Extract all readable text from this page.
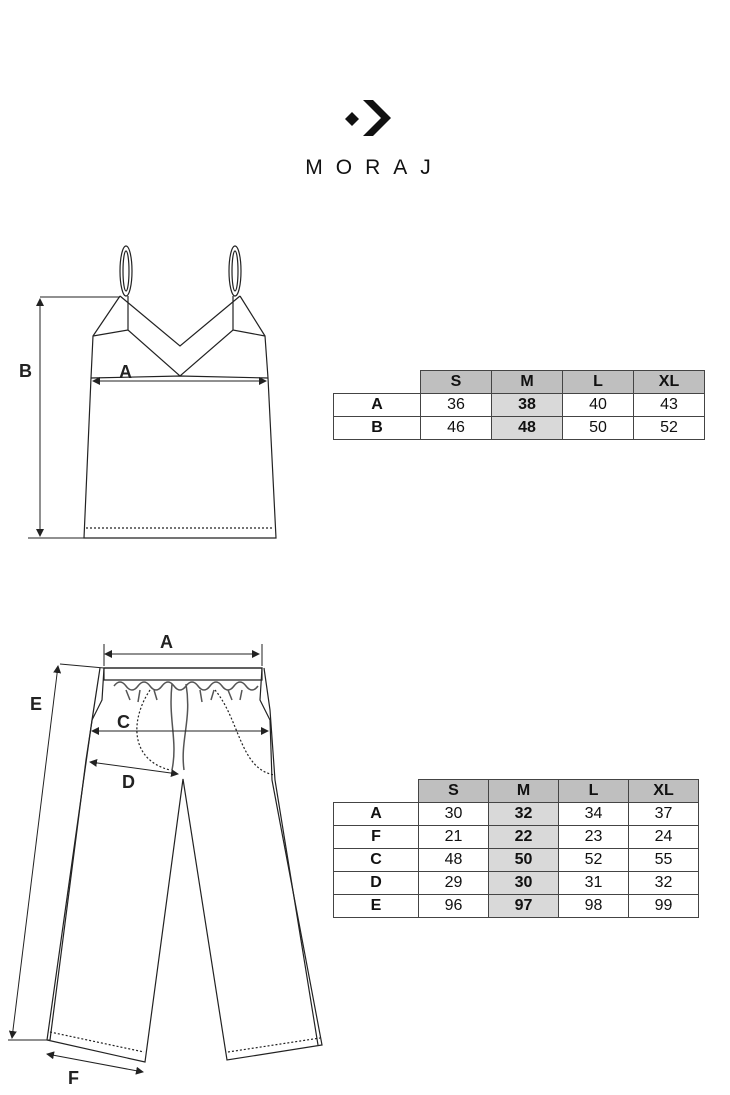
MORAJ
B	A
A
C
D
E
F
	S	M	L	XL
A	36	38	40	43
B	46	48	50	52
	S	M	L	XL
A	30	32	34	37
F	21	22	23	24
C	48	50	52	55
D	29	30	31	32
E	96	97	98	99
